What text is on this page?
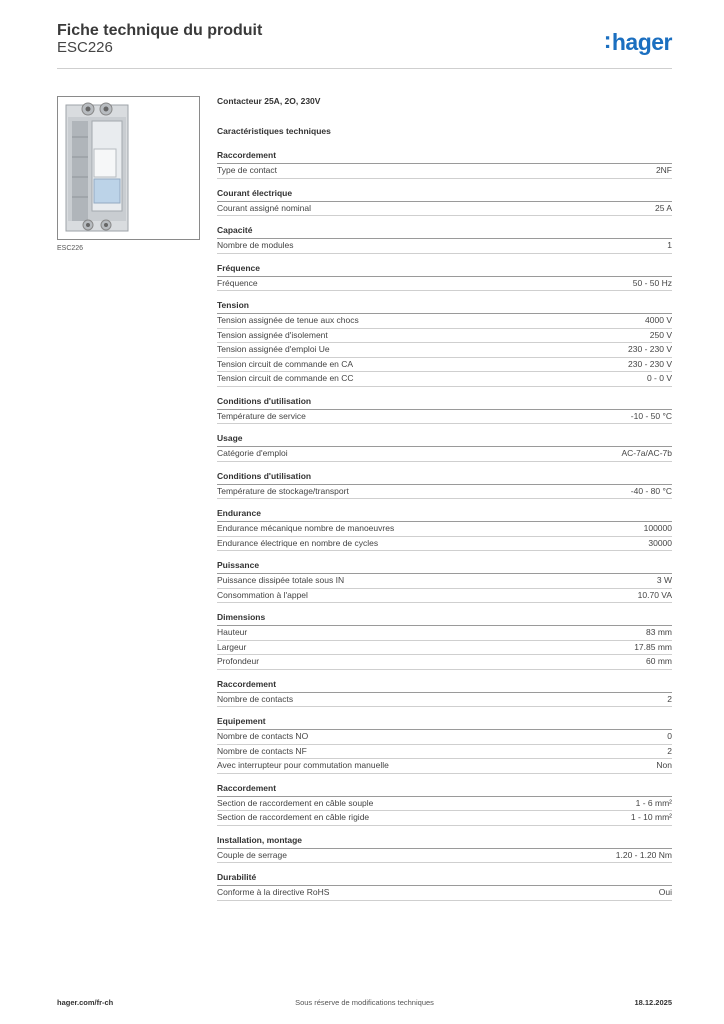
Fiche technique du produit
ESC226	:hager
ESC226
Contacteur 25A, 2O, 230V
Caractéristiques techniques
Raccordement
Type de contact	2NF
Courant électrique
Courant assigné nominal	25 A
Capacité
Nombre de modules	1
Fréquence
Fréquence	50 - 50 Hz
Tension
Tension assignée de tenue aux chocs	4000 V
Tension assignée d'isolement	250 V
Tension assignée d'emploi Ue	230 - 230 V
Tension circuit de commande en CA	230 - 230 V
Tension circuit de commande en CC	0 - 0 V
Conditions d'utilisation
Température de service	-10 - 50 °C
Usage
Catégorie d'emploi	AC-7a/AC-7b
Conditions d'utilisation
Température de stockage/transport	-40 - 80 °C
Endurance
Endurance mécanique nombre de manoeuvres	100000
Endurance électrique en nombre de cycles	30000
Puissance
Puissance dissipée totale sous IN	3 W
Consommation à l'appel	10.70 VA
Dimensions
Hauteur	83 mm
Largeur	17.85 mm
Profondeur	60 mm
Raccordement
Nombre de contacts	2
Equipement
Nombre de contacts NO	0
Nombre de contacts NF	2
Avec interrupteur pour commutation manuelle	Non
Raccordement
Section de raccordement en câble souple	1 - 6 mm²
Section de raccordement en câble rigide	1 - 10 mm²
Installation, montage
Couple de serrage	1.20 - 1.20 Nm
Durabilité
Conforme à la directive RoHS	Oui
hager.com/fr-ch	Sous réserve de modifications techniques	18.12.2025
